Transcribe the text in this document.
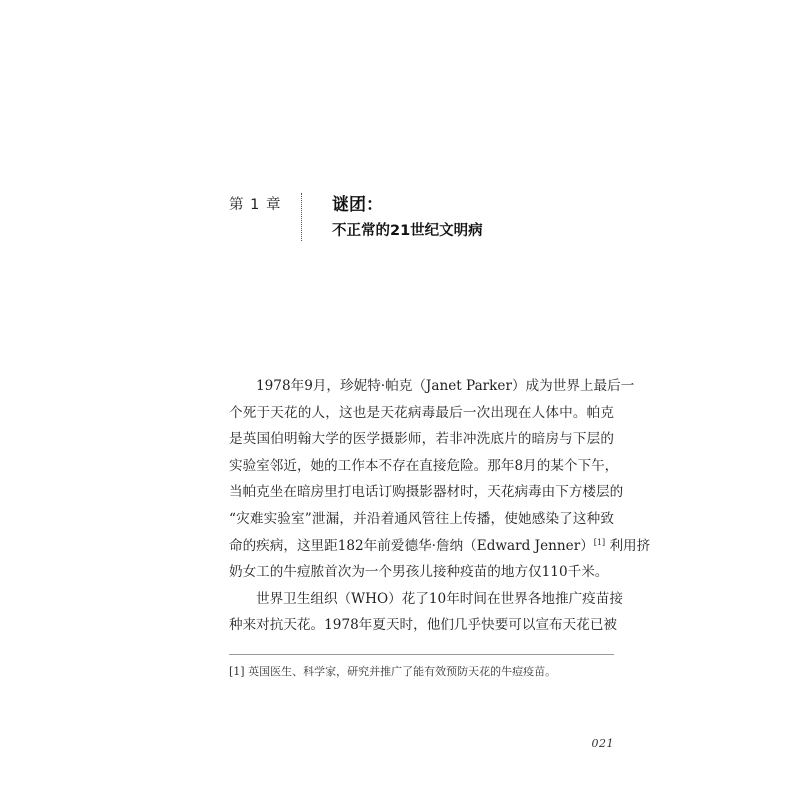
第 1 章	谜团：
不正常的21世纪文明病
1978年9月，珍妮特·帕克（Janet Parker）成为世界上最后一
个死于天花的人，这也是天花病毒最后一次出现在人体中。帕克
是英国伯明翰大学的医学摄影师，若非冲洗底片的暗房与下层的
实验室邻近，她的工作本不存在直接危险。那年8月的某个下午，
当帕克坐在暗房里打电话订购摄影器材时，天花病毒由下方楼层的
“灾难实验室”泄漏，并沿着通风管往上传播，使她感染了这种致
命的疾病，这里距182年前爱德华·詹纳（Edward Jenner）[1] 利用挤
奶女工的牛痘脓首次为一个男孩儿接种疫苗的地方仅110千米。
世界卫生组织（WHO）花了10年时间在世界各地推广疫苗接
种来对抗天花。1978年夏天时，他们几乎快要可以宣布天花已被
[1] 英国医生、科学家，研究并推广了能有效预防天花的牛痘疫苗。
021
